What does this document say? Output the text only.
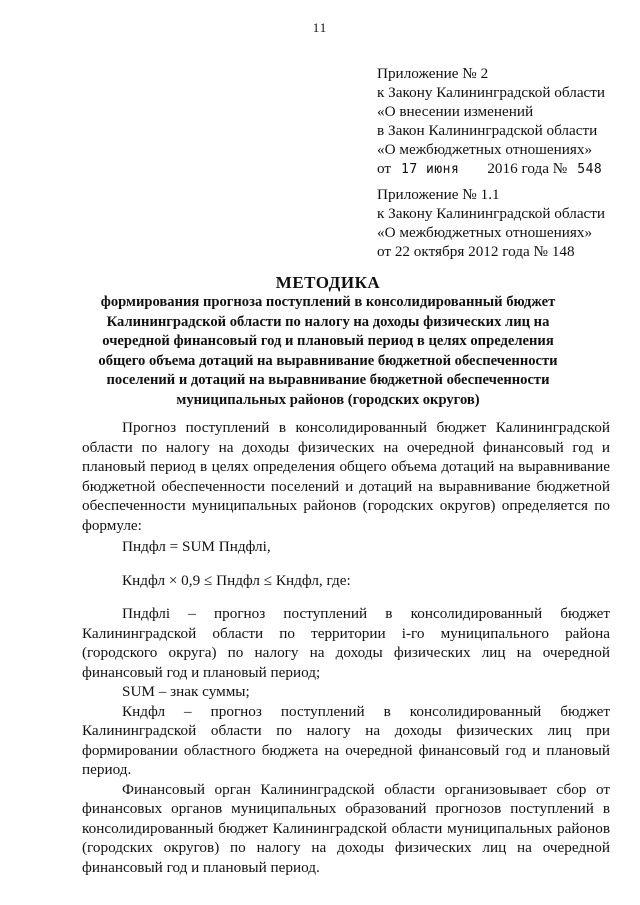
11
Приложение № 2
к Закону Калининградской области
«О внесении изменений
в Закон Калининградской области
«О межбюджетных отношениях»
от 17 июня 2016 года № 548
Приложение № 1.1
к Закону Калининградской области
«О межбюджетных отношениях»
от 22 октября 2012 года № 148
МЕТОДИКА
формирования прогноза поступлений в консолидированный бюджет
Калининградской области по налогу на доходы физических лиц на
очередной финансовый год и плановый период в целях определения
общего объема дотаций на выравнивание бюджетной обеспеченности
поселений и дотаций на выравнивание бюджетной обеспеченности
муниципальных районов (городских округов)

Прогноз поступлений в консолидированный бюджет Калининградской области по налогу на доходы физических на очередной финансовый год и плановый период в целях определения общего объема дотаций на выравнивание бюджетной обеспеченности поселений и дотаций на выравнивание бюджетной обеспеченности муниципальных районов (городских округов) определяется по формуле:

Пндфл = SUM Пндфлi,
Кндфл × 0,9 ≤ Пндфл ≤ Кндфл, где:

Пндфлi – прогноз поступлений в консолидированный бюджет Калининградской области по территории i-го муниципального района (городского округа) по налогу на доходы физических лиц на очередной финансовый год и плановый период;

SUM – знак суммы;

Кндфл – прогноз поступлений в консолидированный бюджет Калининградской области по налогу на доходы физических лиц при формировании областного бюджета на очередной финансовый год и плановый период.

Финансовый орган Калининградской области организовывает сбор от финансовых органов муниципальных образований прогнозов поступлений в консолидированный бюджет Калининградской области муниципальных районов (городских округов) по налогу на доходы физических лиц на очередной финансовый год и плановый период.
